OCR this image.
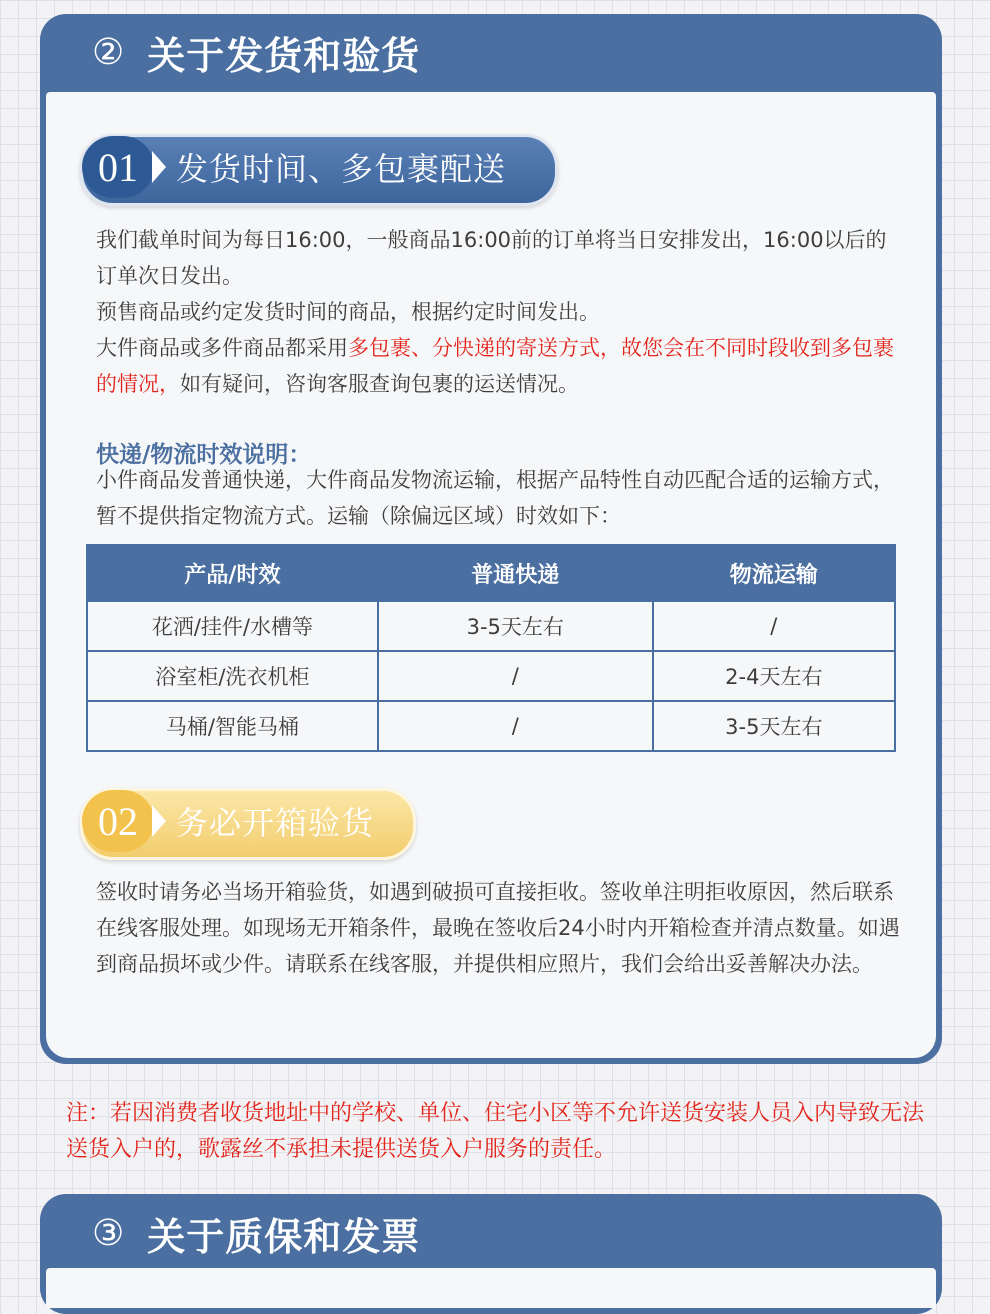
② 关于发货和验货
01	发货时间、多包裹配送
我们截单时间为每日16:00，一般商品16:00前的订单将当日安排发出，16:00以后的订单次日发出。
预售商品或约定发货时间的商品，根据约定时间发出。
大件商品或多件商品都采用多包裹、分快递的寄送方式，故您会在不同时段收到多包裹的情况，如有疑问，咨询客服查询包裹的运送情况。
快递/物流时效说明：
小件商品发普通快递，大件商品发物流运输，根据产品特性自动匹配合适的运输方式，暂不提供指定物流方式。运输（除偏远区域）时效如下：
产品/时效	普通快递	物流运输
花洒/挂件/水槽等	3-5天左右	/
浴室柜/洗衣机柜	/	2-4天左右
马桶/智能马桶	/	3-5天左右
02	务必开箱验货
签收时请务必当场开箱验货，如遇到破损可直接拒收。签收单注明拒收原因，然后联系在线客服处理。如现场无开箱条件，最晚在签收后24小时内开箱检查并清点数量。如遇到商品损坏或少件。请联系在线客服，并提供相应照片，我们会给出妥善解决办法。
注：若因消费者收货地址中的学校、单位、住宅小区等不允许送货安装人员入内导致无法送货入户的，歌露丝不承担未提供送货入户服务的责任。
③ 关于质保和发票
